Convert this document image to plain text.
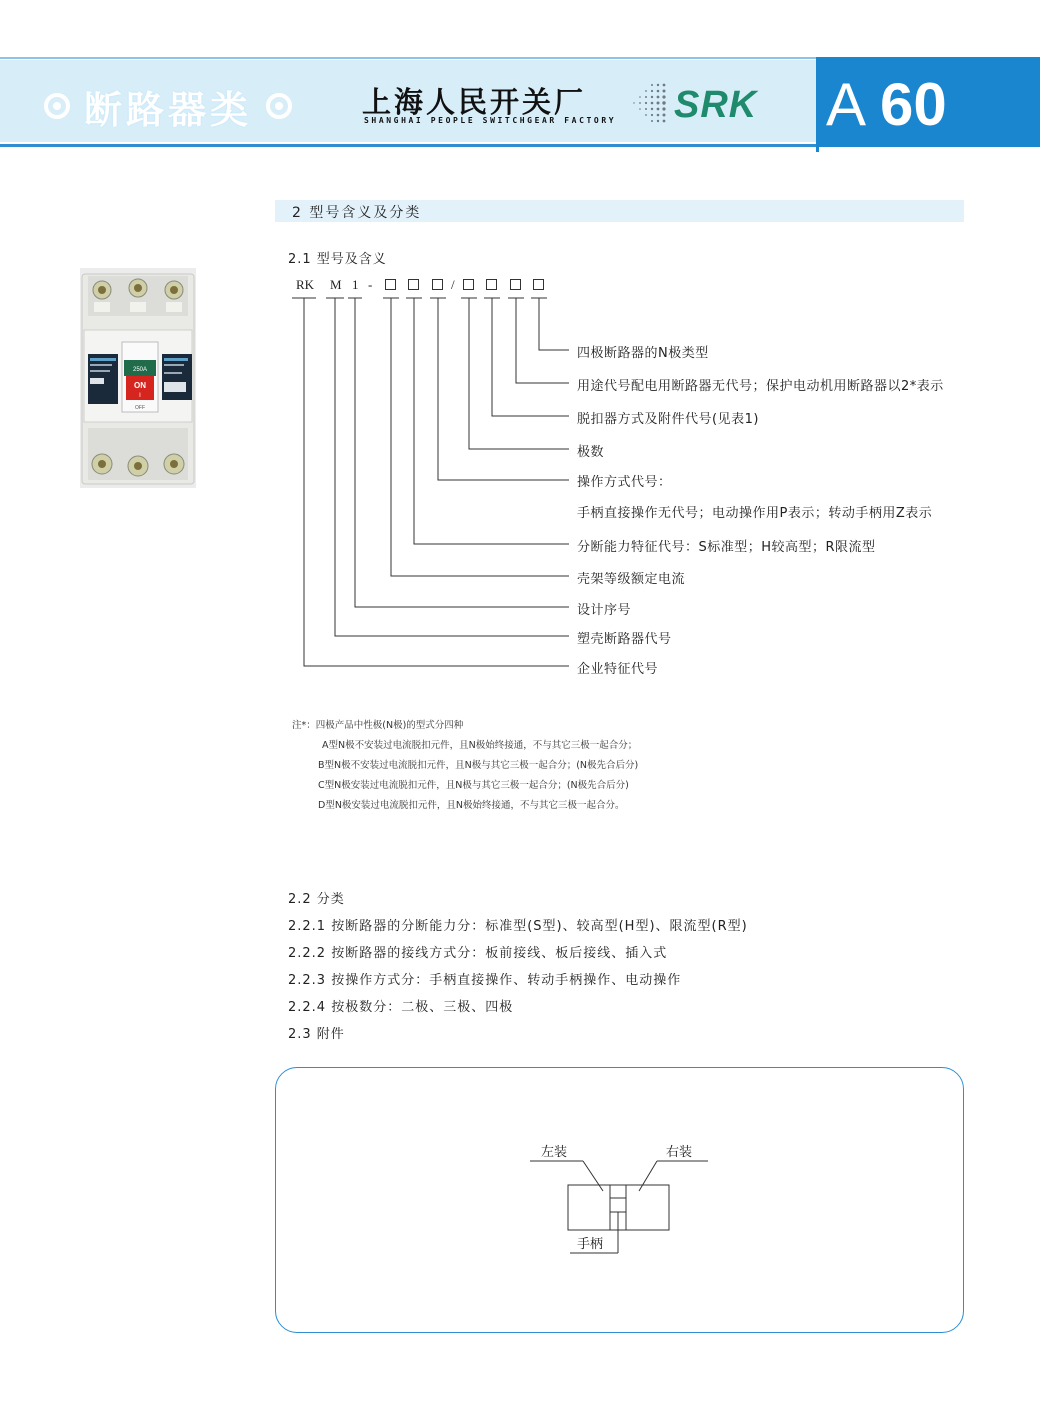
断路器类	上海人民开关厂
SHANGHAI PEOPLE SWITCHGEAR FACTORY SRK A 60
2 型号含义及分类
2.1 型号及含义
250A
ON
I
OFF
RK M 1 -	/
四极断路器的N极类型
用途代号配电用断路器无代号；保护电动机用断路器以2*表示
脱扣器方式及附件代号(见表1)
极数
操作方式代号：
手柄直接操作无代号；电动操作用P表示；转动手柄用Z表示
分断能力特征代号：S标准型；H较高型；R限流型
壳架等级额定电流
设计序号
塑壳断路器代号
企业特征代号
注*：四极产品中性极(N极)的型式分四种
A型N极不安装过电流脱扣元件，且N极始终接通，不与其它三极一起合分；
B型N极不安装过电流脱扣元件，且N极与其它三极一起合分；(N极先合后分)
C型N极安装过电流脱扣元件，且N极与其它三极一起合分；(N极先合后分)
D型N极安装过电流脱扣元件，且N极始终接通，不与其它三极一起合分。
2.2 分类
2.2.1 按断路器的分断能力分：标准型(S型)、较高型(H型)、限流型(R型)
2.2.2 按断路器的接线方式分：板前接线、板后接线、插入式
2.2.3 按操作方式分：手柄直接操作、转动手柄操作、电动操作
2.2.4 按极数分：二极、三极、四极
2.3 附件
左装	右装
手柄
